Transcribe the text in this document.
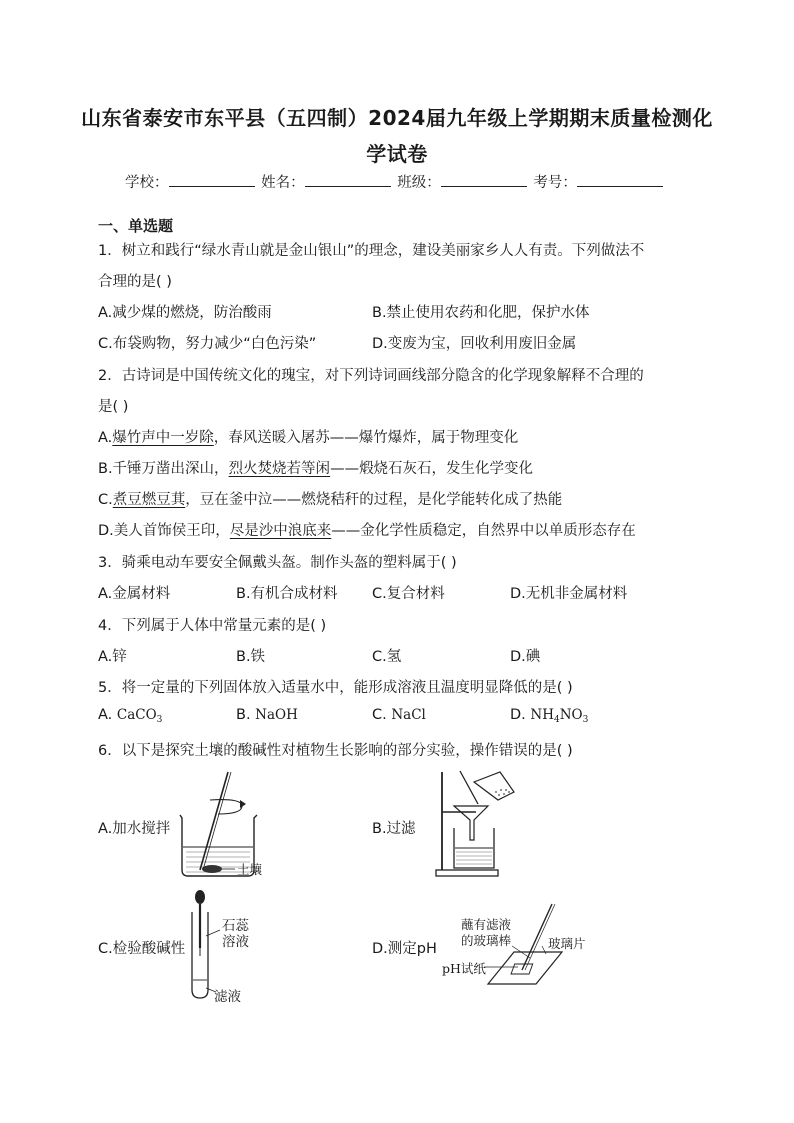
山东省泰安市东平县（五四制）2024届九年级上学期期末质量检测化
学试卷
学校：	姓名：	班级：	考号：
一、单选题
1．树立和践行“绿水青山就是金山银山”的理念，建设美丽家乡人人有责。下列做法不
合理的是( )
A.减少煤的燃烧，防治酸雨	B.禁止使用农药和化肥，保护水体
C.布袋购物，努力减少“白色污染”	D.变废为宝，回收利用废旧金属
2．古诗词是中国传统文化的瑰宝，对下列诗词画线部分隐含的化学现象解释不合理的
是( )
A.爆竹声中一岁除，春风送暖入屠苏——爆竹爆炸，属于物理变化
B.千锤万凿出深山，烈火焚烧若等闲——煅烧石灰石，发生化学变化
C.煮豆燃豆萁，豆在釜中泣——燃烧秸秆的过程，是化学能转化成了热能
D.美人首饰侯王印，尽是沙中浪底来——金化学性质稳定，自然界中以单质形态存在
3．骑乘电动车要安全佩戴头盔。制作头盔的塑料属于( )
A.金属材料	B.有机合成材料 C.复合材料	D.无机非金属材料
4．下列属于人体中常量元素的是( )
A.锌	B.铁	C.氢	D.碘
5．将一定量的下列固体放入适量水中，能形成溶液且温度明显降低的是( )
A. CaCO$_3$	B. NaOH	C. NaCl	D. $NH_4NO_3$
6．以下是探究土壤的酸碱性对植物生长影响的部分实验，操作错误的是( )
A.加水搅拌	B.过滤
C.检验酸碱性	D.测定pH
土壤
石蕊
溶液
滤液
蘸有滤液
的玻璃棒	玻璃片
pH试纸
